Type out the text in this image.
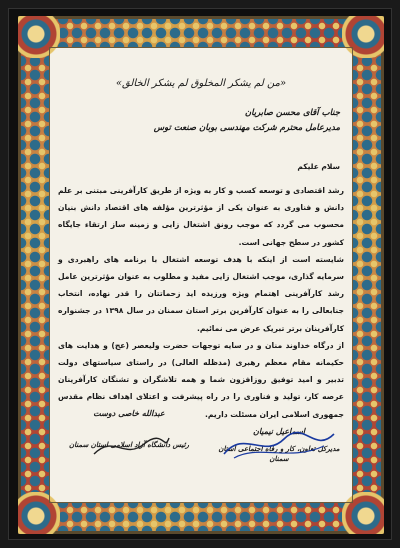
«من لم یشکر المخلوق لم یشکر الخالق»
جناب آقای محسن صابریان
مدیرعامل محترم شرکت مهندسی بوبان صنعت توس
سلام علیکم

رشد اقتصادی و توسعه کسب و کار به ویژه از طریق کارآفرینی مبتنی بر علم دانش و فناوری به عنوان یکی از مؤثرترین مؤلفه های اقتصاد دانش بنیان محسوب می گردد که موجب رونق اشتغال زایی و زمینه ساز ارتقاء جایگاه کشور در سطح جهانی است.

شایسته است از اینکه با هدف توسعه اشتغال با برنامه های راهبردی و سرمایه گذاری، موجب اشتغال زایی مفید و مطلوب به عنوان مؤثرترین عامل رشد کارآفرینی اهتمام ویژه ورزیده اید زحماتتان را قدر نهاده، انتخاب جنابعالی را به عنوان کارآفرین برتر استان سمنان در سال ۱۳۹۸ در جشنواره کارآفرینان برتر تبریک عرض می نمائیم.

از درگاه خداوند منان و در سایه توجهات حضرت ولیعصر (عج) و هدایت های حکیمانه مقام معظم رهبری (مدظله العالی) در راستای سیاستهای دولت تدبیر و امید توفیق روزافزون شما و همه تلاشگران و تشنگان کارآفرینان عرصه کار، تولید و فناوری را در راه پیشرفت و اعتلای اهداف نظام مقدس جمهوری اسلامی ایران مسئلت داریم.

اسماعیل نیمیان
مدیرکل تعاون، کار و رفاه اجتماعی استان سمنان
عبدالله خاصی دوست
رئیس دانشگاه آزاد اسلامی استان سمنان
